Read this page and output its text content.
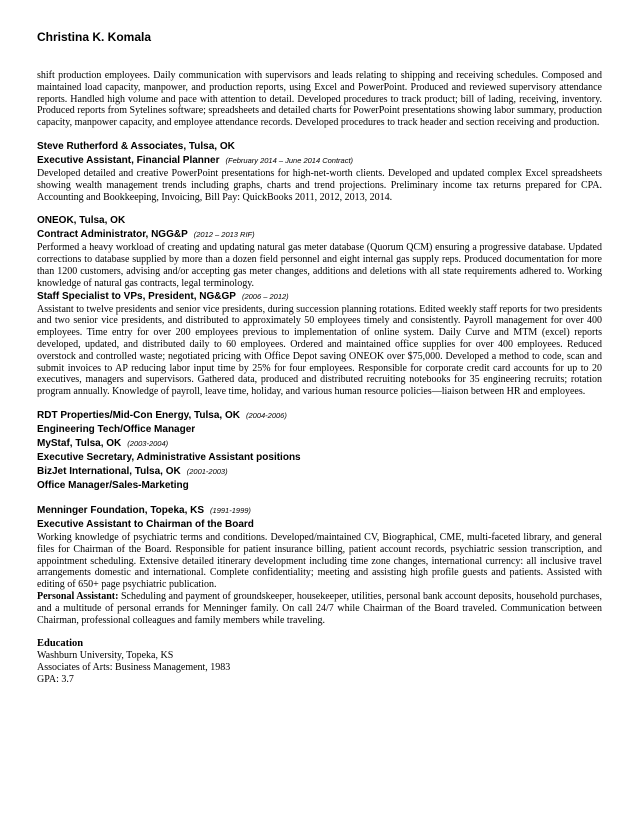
Christina K. Komala

shift production employees. Daily communication with supervisors and leads relating to shipping and receiving schedules. Composed and maintained load capacity, manpower, and production reports, using Excel and PowerPoint. Produced and reviewed supervisory attendance reports. Handled high volume and pace with attention to detail. Developed procedures to track product; bill of lading, receiving, inventory. Produced reports from Sytelines software; spreadsheets and detailed charts for PowerPoint presentations showing labor summary, production capacity, manpower capacity, and employee attendance records. Developed procedures to track header and section receiving and production.

Steve Rutherford & Associates, Tulsa, OK
Executive Assistant, Financial Planner (February 2014 – June 2014 Contract)

Developed detailed and creative PowerPoint presentations for high-net-worth clients. Developed and updated complex Excel spreadsheets showing wealth management trends including graphs, charts and trend projections. Preliminary income tax returns prepared for CPA. Accounting and Bookkeeping, Invoicing, Bill Pay: QuickBooks 2011, 2012, 2013, 2014.

ONEOK, Tulsa, OK
Contract Administrator, NGG&P (2012 – 2013 RIF)

Performed a heavy workload of creating and updating natural gas meter database (Quorum QCM) ensuring a progressive database. Updated corrections to database supplied by more than a dozen field personnel and eight internal gas supply reps. Produced documentation for more than 1200 customers, advising and/or accepting gas meter changes, additions and deletions with all state requirements adhered to. Working knowledge of natural gas contracts, legal terminology.

Staff Specialist to VPs, President, NG&GP (2006 – 2012)

Assistant to twelve presidents and senior vice presidents, during succession planning rotations. Edited weekly staff reports for two presidents and two senior vice presidents, and distributed to approximately 50 employees timely and consistently. Payroll management for over 400 employees. Time entry for over 200 employees previous to implementation of online system. Daily Curve and MTM (excel) reports developed, updated, and distributed daily to 60 employees. Ordered and maintained office supplies for over 400 employees. Reduced overstock and controlled waste; negotiated pricing with Office Depot saving ONEOK over $75,000. Developed a method to code, scan and submit invoices to AP reducing labor input time by 25% for four employees. Responsible for corporate credit card accounts for up to 20 executives, managers and supervisors. Gathered data, produced and distributed recruiting notebooks for 35 engineering recruits; rotation program annually. Knowledge of payroll, leave time, holiday, and various human resource policies—liaison between HR and employees.

RDT Properties/Mid-Con Energy, Tulsa, OK (2004-2006)
Engineering Tech/Office Manager
MyStaf, Tulsa, OK (2003-2004)
Executive Secretary, Administrative Assistant positions
BizJet International, Tulsa, OK (2001-2003)
Office Manager/Sales-Marketing
Menninger Foundation, Topeka, KS (1991-1999)
Executive Assistant to Chairman of the Board

Working knowledge of psychiatric terms and conditions. Developed/maintained CV, Biographical, CME, multi-faceted library, and general files for Chairman of the Board. Responsible for patient insurance billing, patient account records, psychiatric session transcription, and appointment scheduling. Extensive detailed itinerary development including time zone changes, international currency: all inclusive travel arrangements domestic and international. Complete confidentiality; meeting and assisting high profile guests and patients. Assisted with editing of 650+ page psychiatric publication.

Personal Assistant: Scheduling and payment of groundskeeper, housekeeper, utilities, personal bank account deposits, household purchases, and a multitude of personal errands for Menninger family. On call 24/7 while Chairman of the Board traveled. Communication between Chairman, professional colleagues and family members while traveling.

Education

Washburn University, Topeka, KS

Associates of Arts: Business Management, 1983

GPA: 3.7
